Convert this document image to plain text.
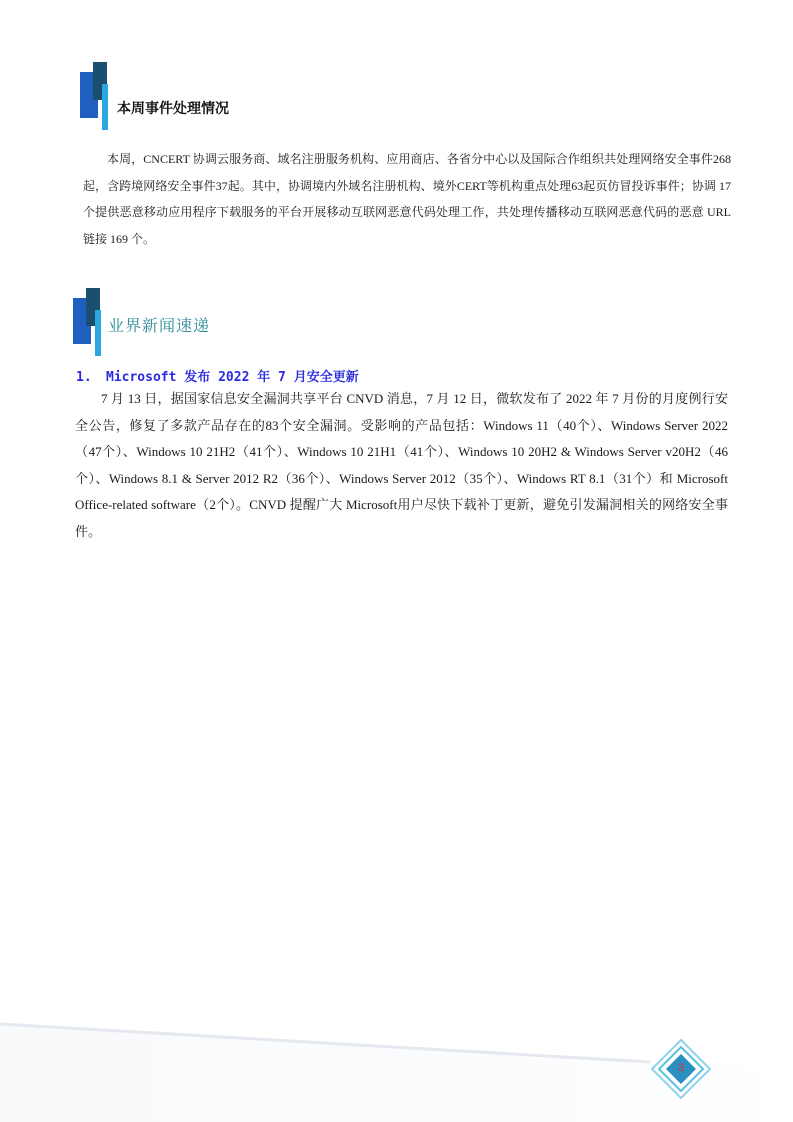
本周事件处理情况

本周，CNCERT 协调云服务商、域名注册服务机构、应用商店、各省分中心以及国际合作组织共处理网络安全事件268起，含跨境网络安全事件37起。其中，协调境内外域名注册机构、境外CERT等机构重点处理63起页仿冒投诉事件；协调 17 个提供恶意移动应用程序下载服务的平台开展移动互联网恶意代码处理工作，共处理传播移动互联网恶意代码的恶意 URL 链接 169 个。

业界新闻速递
1. Microsoft 发布 2022 年 7 月安全更新

7 月 13 日，据国家信息安全漏洞共享平台 CNVD 消息，7 月 12 日，微软发布了 2022 年 7 月份的月度例行安全公告，修复了多款产品存在的83个安全漏洞。受影响的产品包括：Windows 11（40个）、Windows Server 2022（47个）、Windows 10 21H2（41个）、Windows 10 21H1（41个）、Windows 10 20H2 & Windows Server v20H2（46个）、Windows 8.1 & Server 2012 R2（36个）、Windows Server 2012（35个）、Windows RT 8.1（31个）和 Microsoft Office-related software（2个）。CNVD 提醒广大 Microsoft用户尽快下载补丁更新，避免引发漏洞相关的网络安全事件。

3
